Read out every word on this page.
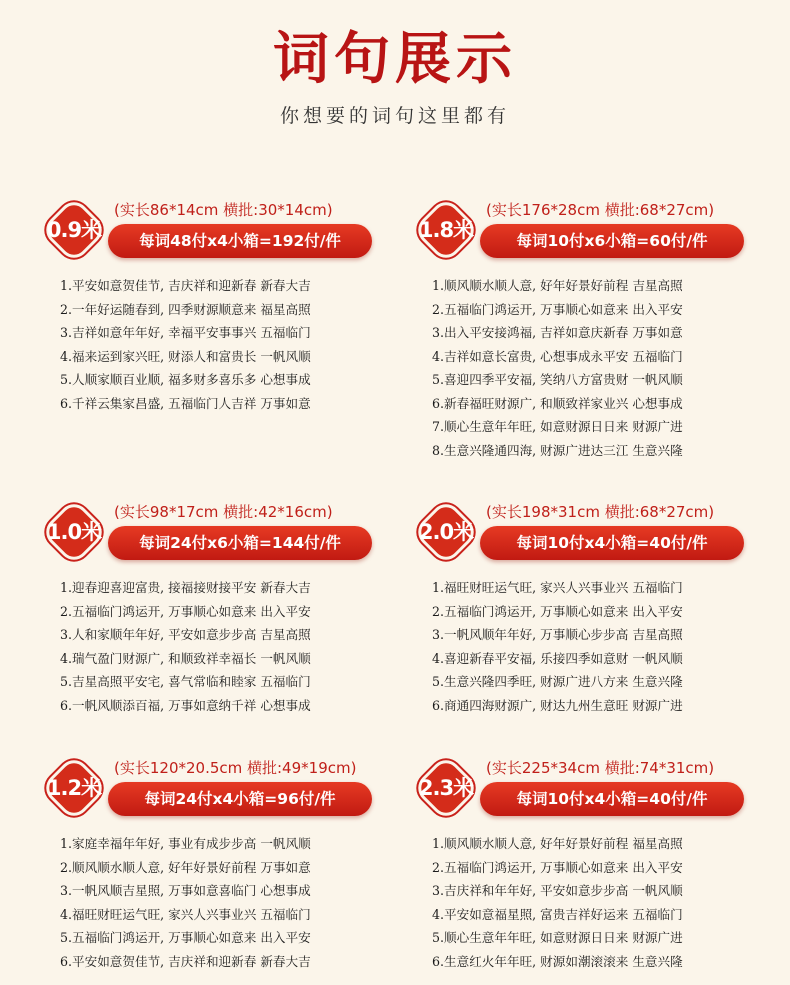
词句展示
你想要的词句这里都有
0.9米
(实长86*14cm 横批:30*14cm)
每词48付x4小箱=192付/件
1.平安如意贺佳节, 吉庆祥和迎新春 新春大吉
2.一年好运随春到, 四季财源顺意来 福星高照
3.吉祥如意年年好, 幸福平安事事兴 五福临门
4.福来运到家兴旺, 财添人和富贵长 一帆风顺
5.人顺家顺百业顺, 福多财多喜乐多 心想事成
6.千祥云集家昌盛, 五福临门人吉祥 万事如意
1.8米
(实长176*28cm 横批:68*27cm)
每词10付x6小箱=60付/件
1.顺风顺水顺人意, 好年好景好前程 吉星高照
2.五福临门鸿运开, 万事顺心如意来 出入平安
3.出入平安接鸿福, 吉祥如意庆新春 万事如意
4.吉祥如意长富贵, 心想事成永平安 五福临门
5.喜迎四季平安福, 笑纳八方富贵财 一帆风顺
6.新春福旺财源广, 和顺致祥家业兴 心想事成
7.顺心生意年年旺, 如意财源日日来 财源广进
8.生意兴隆通四海, 财源广进达三江 生意兴隆
1.0米
(实长98*17cm 横批:42*16cm)
每词24付x6小箱=144付/件
1.迎春迎喜迎富贵, 接福接财接平安 新春大吉
2.五福临门鸿运开, 万事顺心如意来 出入平安
3.人和家顺年年好, 平安如意步步高 吉星高照
4.瑞气盈门财源广, 和顺致祥幸福长 一帆风顺
5.吉星高照平安宅, 喜气常临和睦家 五福临门
6.一帆风顺添百福, 万事如意纳千祥 心想事成
2.0米
(实长198*31cm 横批:68*27cm)
每词10付x4小箱=40付/件
1.福旺财旺运气旺, 家兴人兴事业兴 五福临门
2.五福临门鸿运开, 万事顺心如意来 出入平安
3.一帆风顺年年好, 万事顺心步步高 吉星高照
4.喜迎新春平安福, 乐接四季如意财 一帆风顺
5.生意兴隆四季旺, 财源广进八方来 生意兴隆
6.商通四海财源广, 财达九州生意旺 财源广进
1.2米
(实长120*20.5cm 横批:49*19cm)
每词24付x4小箱=96付/件
1.家庭幸福年年好, 事业有成步步高 一帆风顺
2.顺风顺水顺人意, 好年好景好前程 万事如意
3.一帆风顺吉星照, 万事如意喜临门 心想事成
4.福旺财旺运气旺, 家兴人兴事业兴 五福临门
5.五福临门鸿运开, 万事顺心如意来 出入平安
6.平安如意贺佳节, 吉庆祥和迎新春 新春大吉
2.3米
(实长225*34cm 横批:74*31cm)
每词10付x4小箱=40付/件
1.顺风顺水顺人意, 好年好景好前程 福星高照
2.五福临门鸿运开, 万事顺心如意来 出入平安
3.吉庆祥和年年好, 平安如意步步高 一帆风顺
4.平安如意福星照, 富贵吉祥好运来 五福临门
5.顺心生意年年旺, 如意财源日日来 财源广进
6.生意红火年年旺, 财源如潮滚滚来 生意兴隆
